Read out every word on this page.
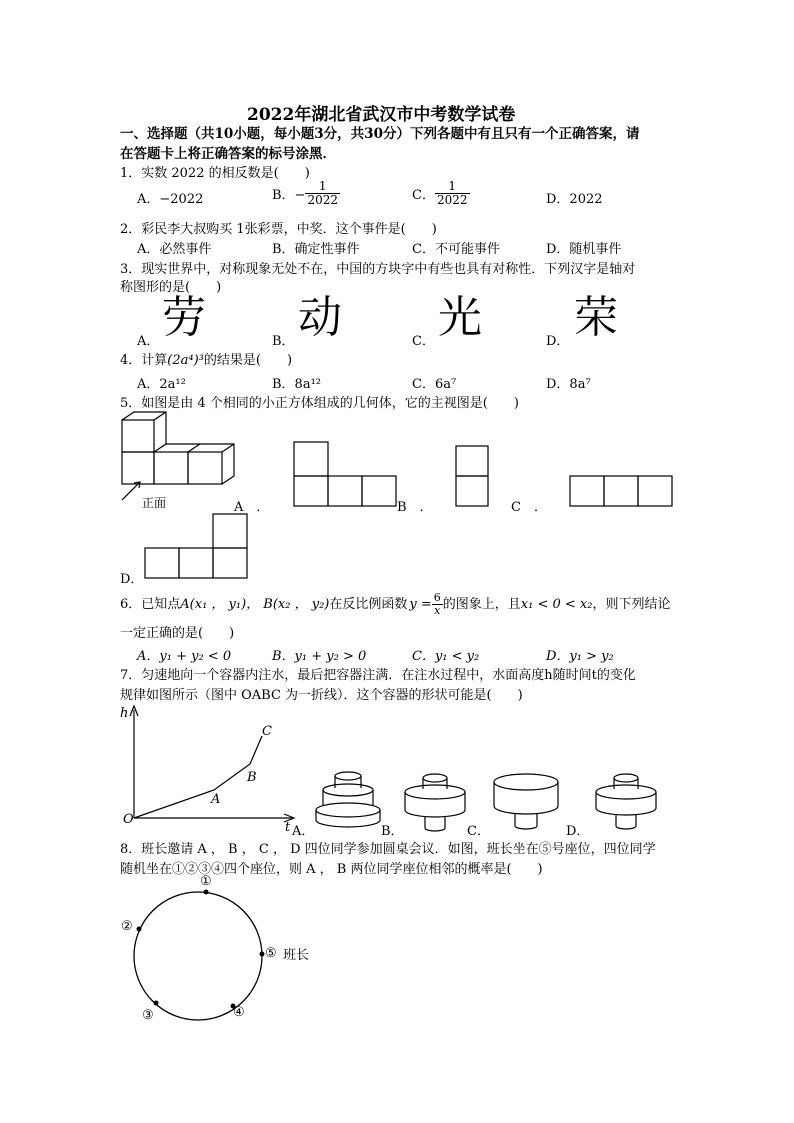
2022年湖北省武汉市中考数学试卷
一、选择题（共10小题，每小题3分，共30分）下列各题中有且只有一个正确答案，请
在答题卡上将正确答案的标号涂黑．
1．实数 2022 的相反数是(　　)
A．−2022	B．− $\frac{1}{2022}$	C． $\frac{1}{2022}$	D．2022
2．彩民李大叔购买 1张彩票，中奖．这个事件是(　　)
A．必然事件	B．确定性事件	C．不可能事件	D．随机事件
3．现实世界中，对称现象无处不在，中国的方块字中有些也具有对称性．下列汉字是轴对
称图形的是(　　)
A． 劳	B． 动	C． 光	D． 荣
4．计算(2a⁴)³的结果是(　　)
A．2a¹²	B．8a¹²	C．6a⁷	D．8a⁷
5．如图是由 4 个相同的小正方体组成的几何体，它的主视图是(　　)
正面	A　．	B　．	C　．
D．
6．已知点A(x₁ ， y₁)， B(x₂ ， y₂)在反比例函数 $y = \frac{6}{x}$ 的图象上，且x₁ < 0 < x₂，则下列结论
一定正确的是(　　)
A．y₁ + y₂ < 0	B．y₁ + y₂ > 0	C．y₁ < y₂	D．y₁ > y₂
7．匀速地向一个容器内注水，最后把容器注满．在注水过程中，水面高度h随时间t的变化
规律如图所示（图中 OABC 为一折线）．这个容器的形状可能是(　　)
h
O
t
A
B
C
A．	B．	C．	D．
8．班长邀请 A ， B ， C ， D 四位同学参加圆桌会议．如图，班长坐在⑤号座位，四位同学
随机坐在①②③④四个座位，则 A ， B 两位同学座位相邻的概率是(　　)
①
②
③	④
⑤ 班长
